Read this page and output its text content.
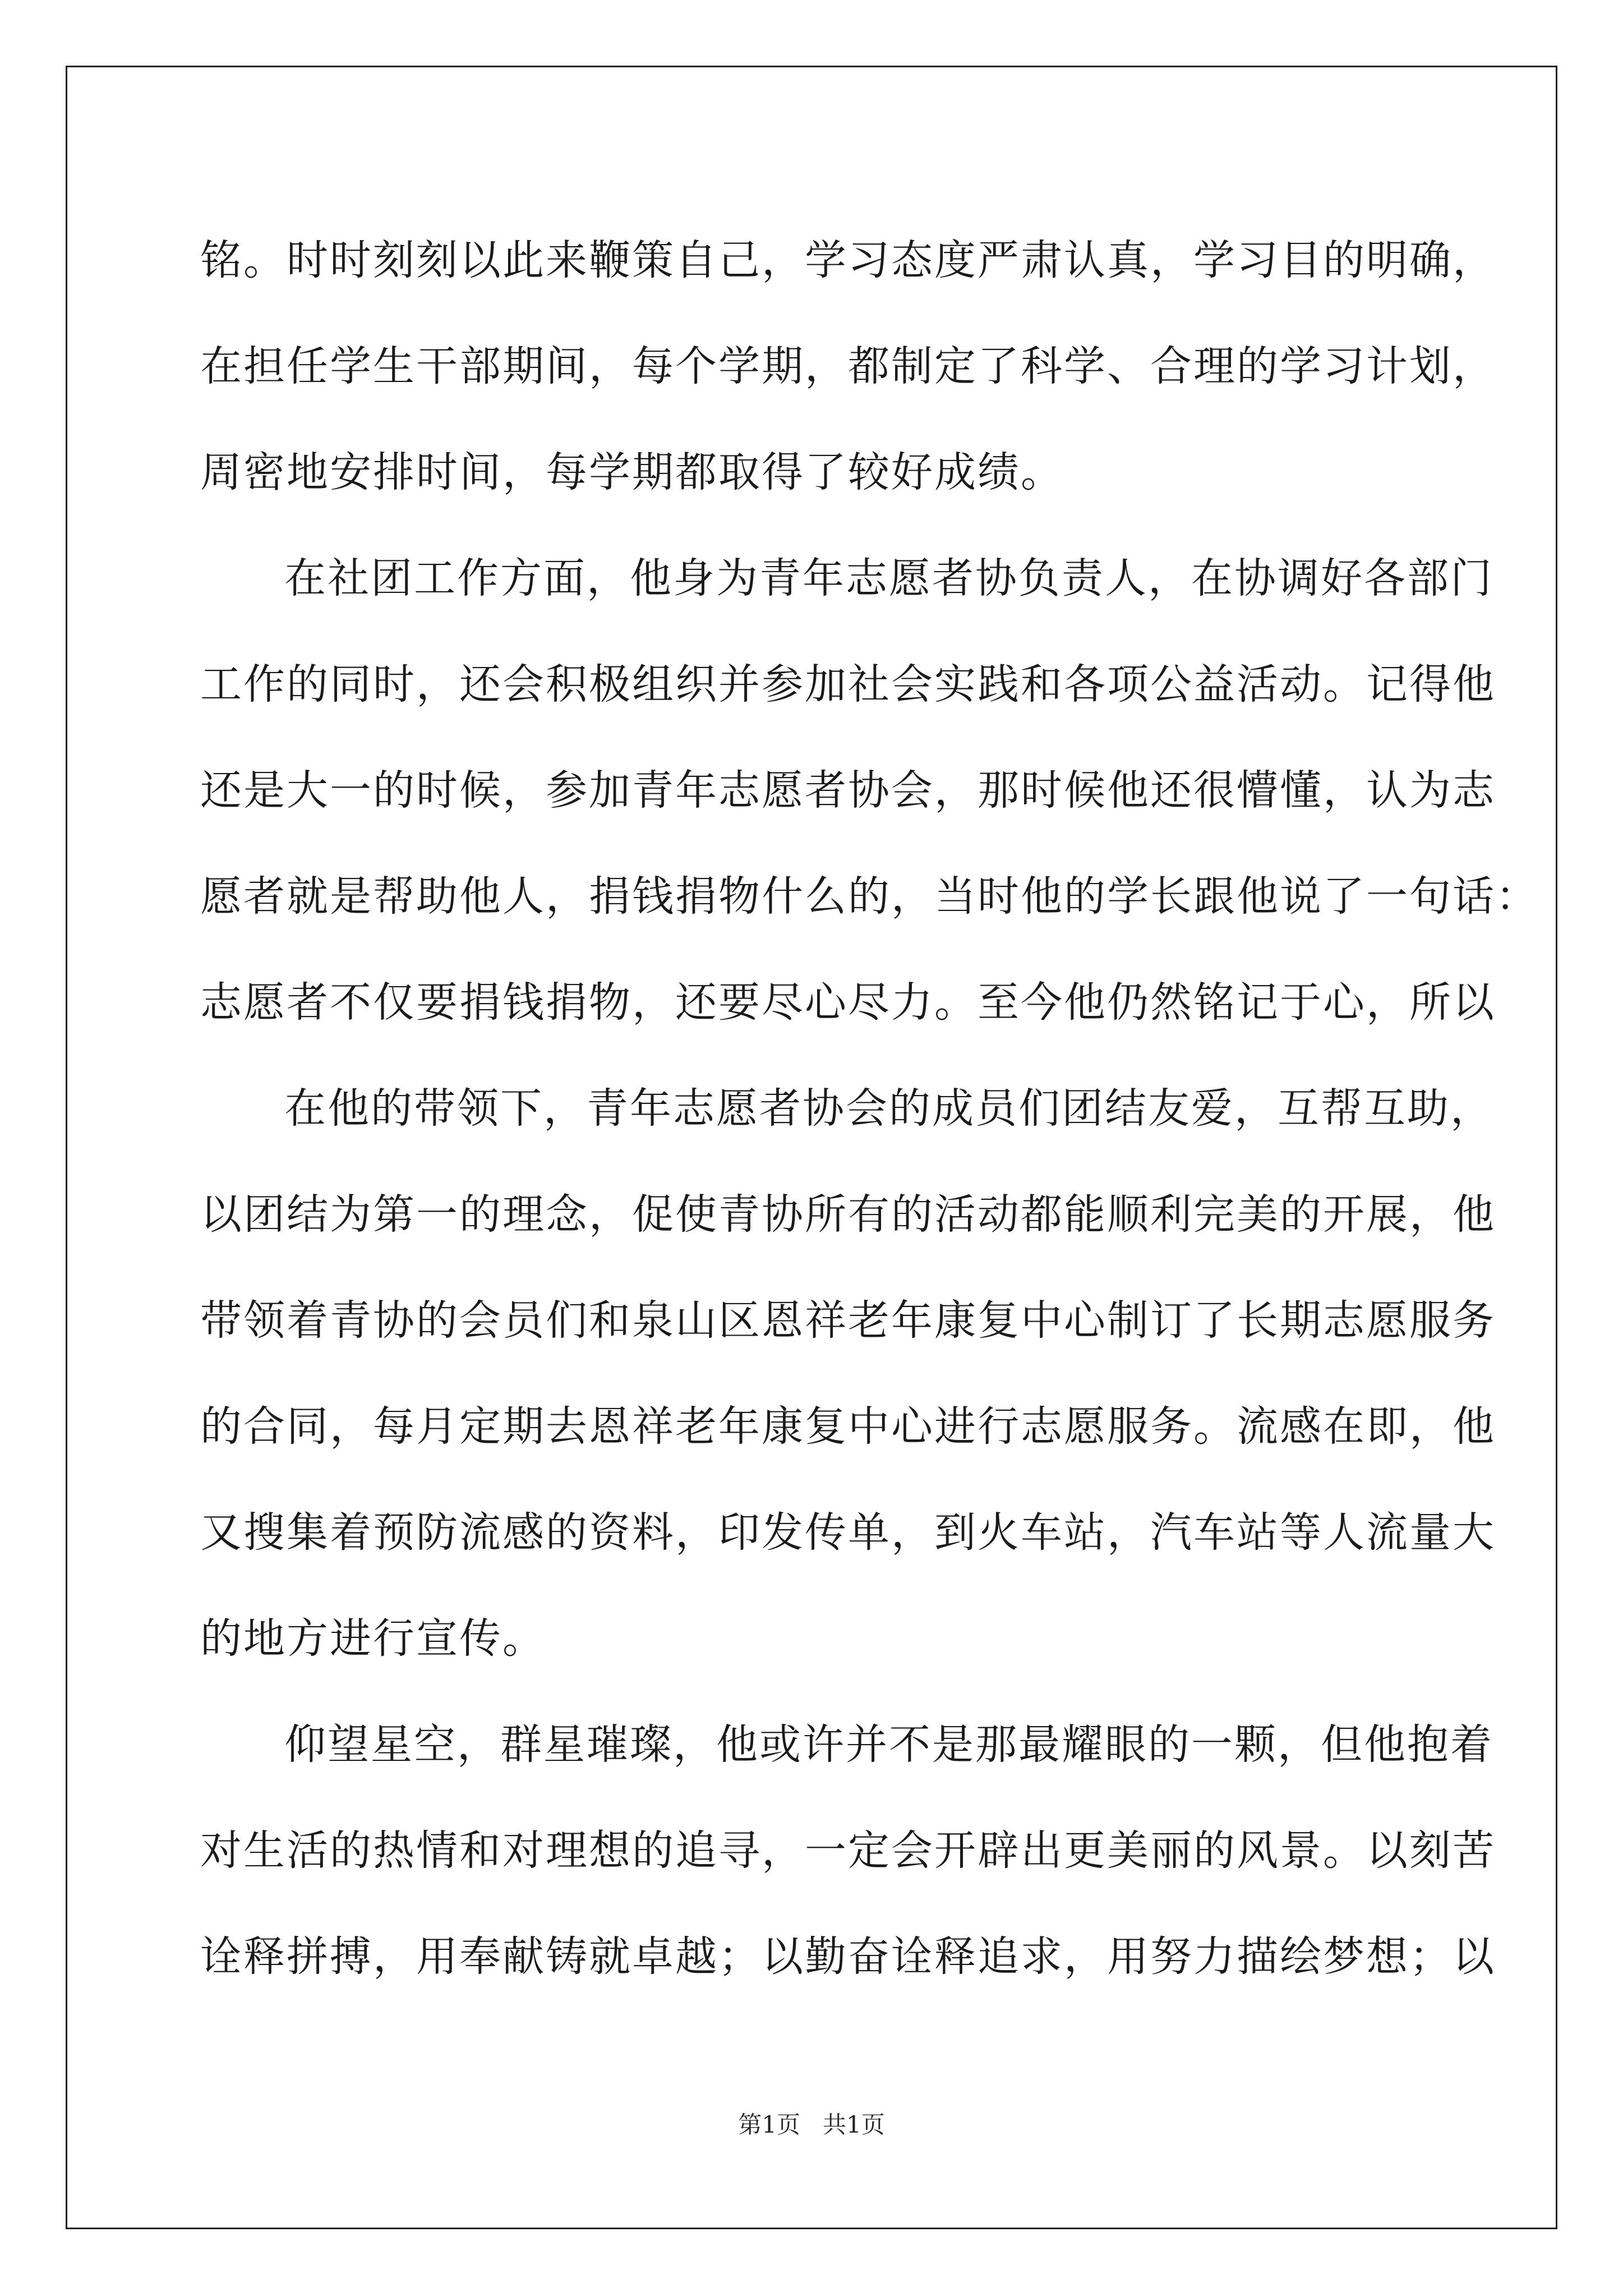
铭。时时刻刻以此来鞭策自己，学习态度严肃认真，学习目的明确，
在担任学生干部期间，每个学期，都制定了科学、合理的学习计划，
周密地安排时间，每学期都取得了较好成绩。
在社团工作方面，他身为青年志愿者协负责人，在协调好各部门
工作的同时，还会积极组织并参加社会实践和各项公益活动。记得他
还是大一的时候，参加青年志愿者协会，那时候他还很懵懂，认为志
愿者就是帮助他人，捐钱捐物什么的，当时他的学长跟他说了一句话：
志愿者不仅要捐钱捐物，还要尽心尽力。至今他仍然铭记于心，所以
在他的带领下，青年志愿者协会的成员们团结友爱，互帮互助，
以团结为第一的理念，促使青协所有的活动都能顺利完美的开展，他
带领着青协的会员们和泉山区恩祥老年康复中心制订了长期志愿服务
的合同，每月定期去恩祥老年康复中心进行志愿服务。流感在即，他
又搜集着预防流感的资料，印发传单，到火车站，汽车站等人流量大
的地方进行宣传。
仰望星空，群星璀璨，他或许并不是那最耀眼的一颗，但他抱着
对生活的热情和对理想的追寻，一定会开辟出更美丽的风景。以刻苦
诠释拼搏，用奉献铸就卓越；以勤奋诠释追求，用努力描绘梦想；以
第1页 共1页
